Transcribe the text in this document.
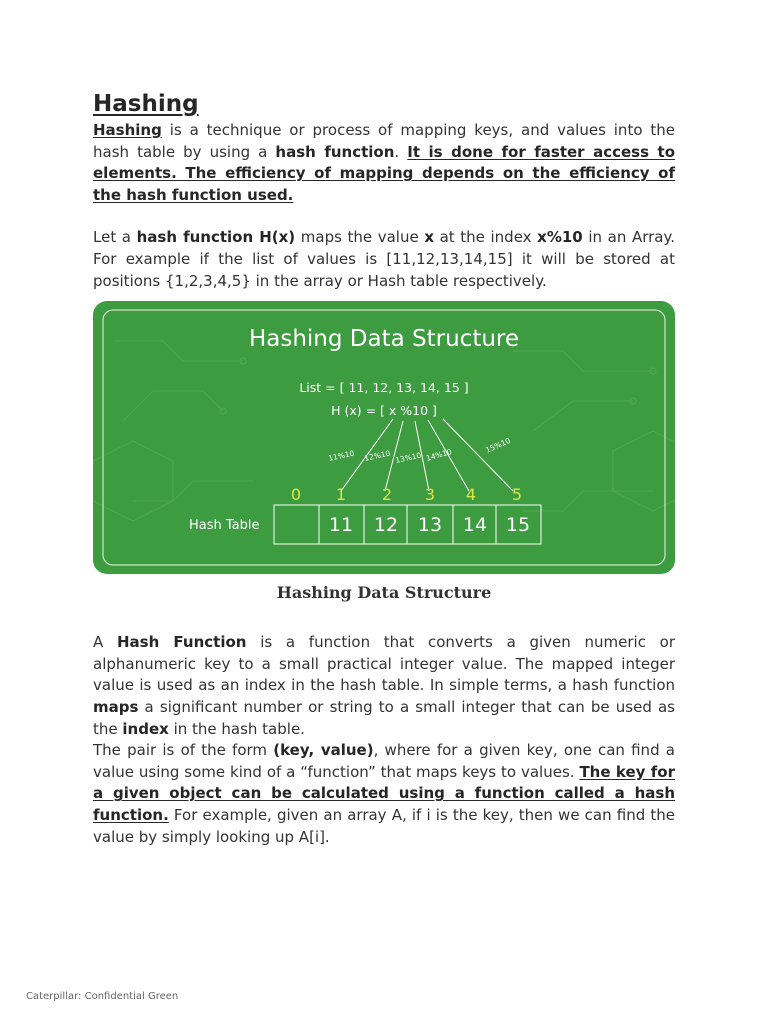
Hashing

Hashing is a technique or process of mapping keys, and values into the hash table by using a hash function. It is done for faster access to elements. The efficiency of mapping depends on the efficiency of the hash function used.

Let a hash function H(x) maps the value x at the index x%10 in an Array. For example if the list of values is [11,12,13,14,15] it will be stored at positions {1,2,3,4,5} in the array or Hash table respectively.

Hashing Data Structure
List = [ 11, 12, 13, 14, 15 ]
H (x) = [ x %10 ]
11%10 12%10 13%10 14%10
15%10
0 1 2 3 4 5
Hash Table	11 12 13 14 15
Hashing Data Structure

A Hash Function is a function that converts a given numeric or alphanumeric key to a small practical integer value. The mapped integer value is used as an index in the hash table. In simple terms, a hash function maps a significant number or string to a small integer that can be used as the index in the hash table.

The pair is of the form (key, value), where for a given key, one can find a value using some kind of a “function” that maps keys to values. The key for a given object can be calculated using a function called a hash function. For example, given an array A, if i is the key, then we can find the value by simply looking up A[i].

Caterpillar: Confidential Green
